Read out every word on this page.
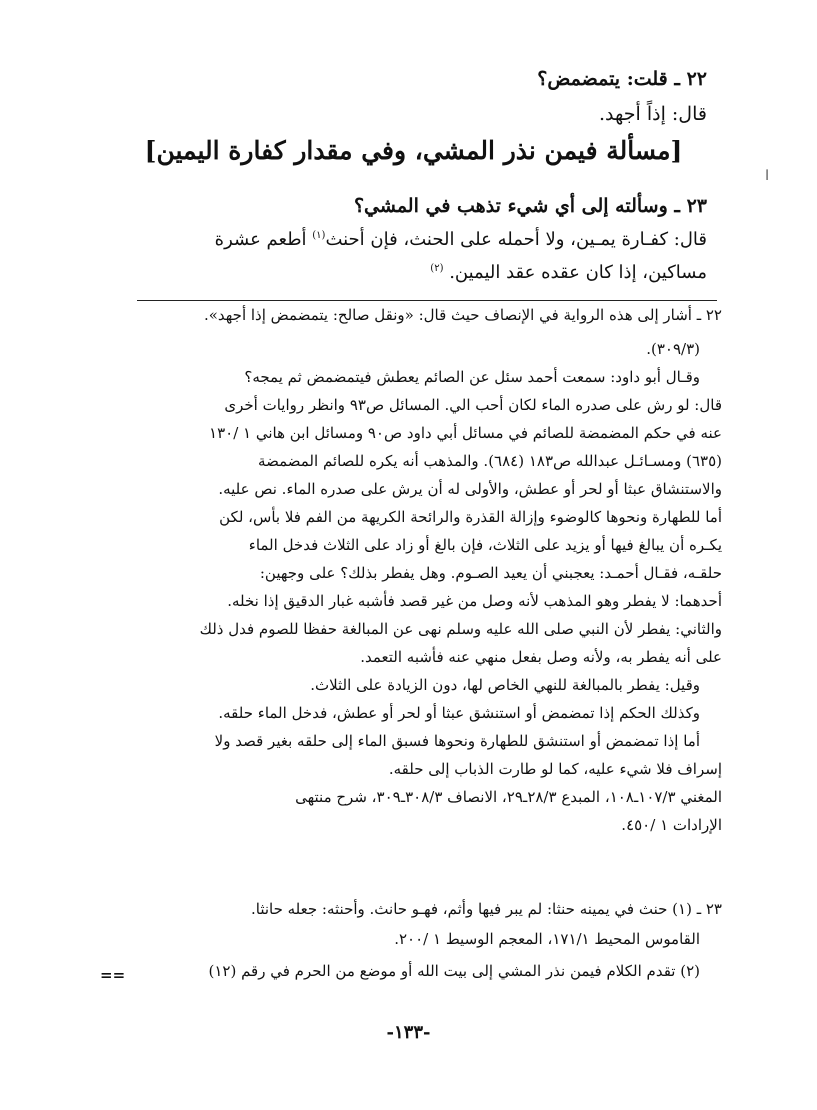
٢٢ ـ قلت: يتمضمض؟
قال: إذاً أجهد.
٢٣ ـ وسألته إلى أي شيء تذهب في المشي؟
قال: كفـارة يمـين، ولا أحمله على الحنث، فإن أحنث$^{(١)}$ أطعم عشرة
مساكين، إذا كان عقده عقد اليمين. $^{(٢)}$
[مسألة فيمن نذر المشي، وفي مقدار كفارة اليمين]
ا
٢٢ ـ أشار إلى هذه الرواية في الإنصاف حيث قال: «ونقل صالح: يتمضمض إذا أجهد».
(٣٠٩/٣).
وقـال أبو داود: سمعت أحمد سئل عن الصائم يعطش فيتمضمض ثم يمجه؟
قال: لو رش على صدره الماء لكان أحب الي. المسائل ص٩٣ وانظر روايات أخرى
عنه في حكم المضمضة للصائم في مسائل أبي داود ص٩٠ ومسائل ابن هاني ١ /١٣٠
(٦٣٥) ومسـائـل عبدالله ص١٨٣ (٦٨٤). والمذهب أنه يكره للصائم المضمضة
والاستنشاق عبثا أو لحر أو عطش، والأولى له أن يرش على صدره الماء. نص عليه.
أما للطهارة ونحوها كالوضوء وإزالة القذرة والرائحة الكريهة من الفم فلا بأس، لكن
يكـره أن يبالغ فيها أو يزيد على الثلاث، فإن بالغ أو زاد على الثلاث فدخل الماء
حلقـه، فقـال أحمـد: يعجبني أن يعيد الصـوم. وهل يفطر بذلك؟ على وجهين:
أحدهما: لا يفطر وهو المذهب لأنه وصل من غير قصد فأشبه غبار الدقيق إذا نخله.
والثاني: يفطر لأن النبي صلى الله عليه وسلم نهى عن المبالغة حفظا للصوم فدل ذلك
على أنه يفطر به، ولأنه وصل بفعل منهي عنه فأشبه التعمد.
وقيل: يفطر بالمبالغة للنهي الخاص لها، دون الزيادة على الثلاث.
وكذلك الحكم إذا تمضمض أو استنشق عبثا أو لحر أو عطش، فدخل الماء حلقه.
أما إذا تمضمض أو استنشق للطهارة ونحوها فسبق الماء إلى حلقه بغير قصد ولا
إسراف فلا شيء عليه، كما لو طارت الذباب إلى حلقه.
المغني ١٠٧/٣ـ١٠٨، المبدع ٢٨/٣ـ٢٩، الانصاف ٣٠٨/٣ـ٣٠٩، شرح منتهى
الإرادات ١ /٤٥٠.
٢٣ ـ (١) حنث في يمينه حنثا: لم يبر فيها وأثم، فهـو حانث. وأحنثه: جعله حانثا.
القاموس المحيط ١٧١/١، المعجم الوسيط ١ /٢٠٠.
(٢) تقدم الكلام فيمن نذر المشي إلى بيت الله أو موضع من الحرم في رقم (١٢)
==
-١٣٣-
